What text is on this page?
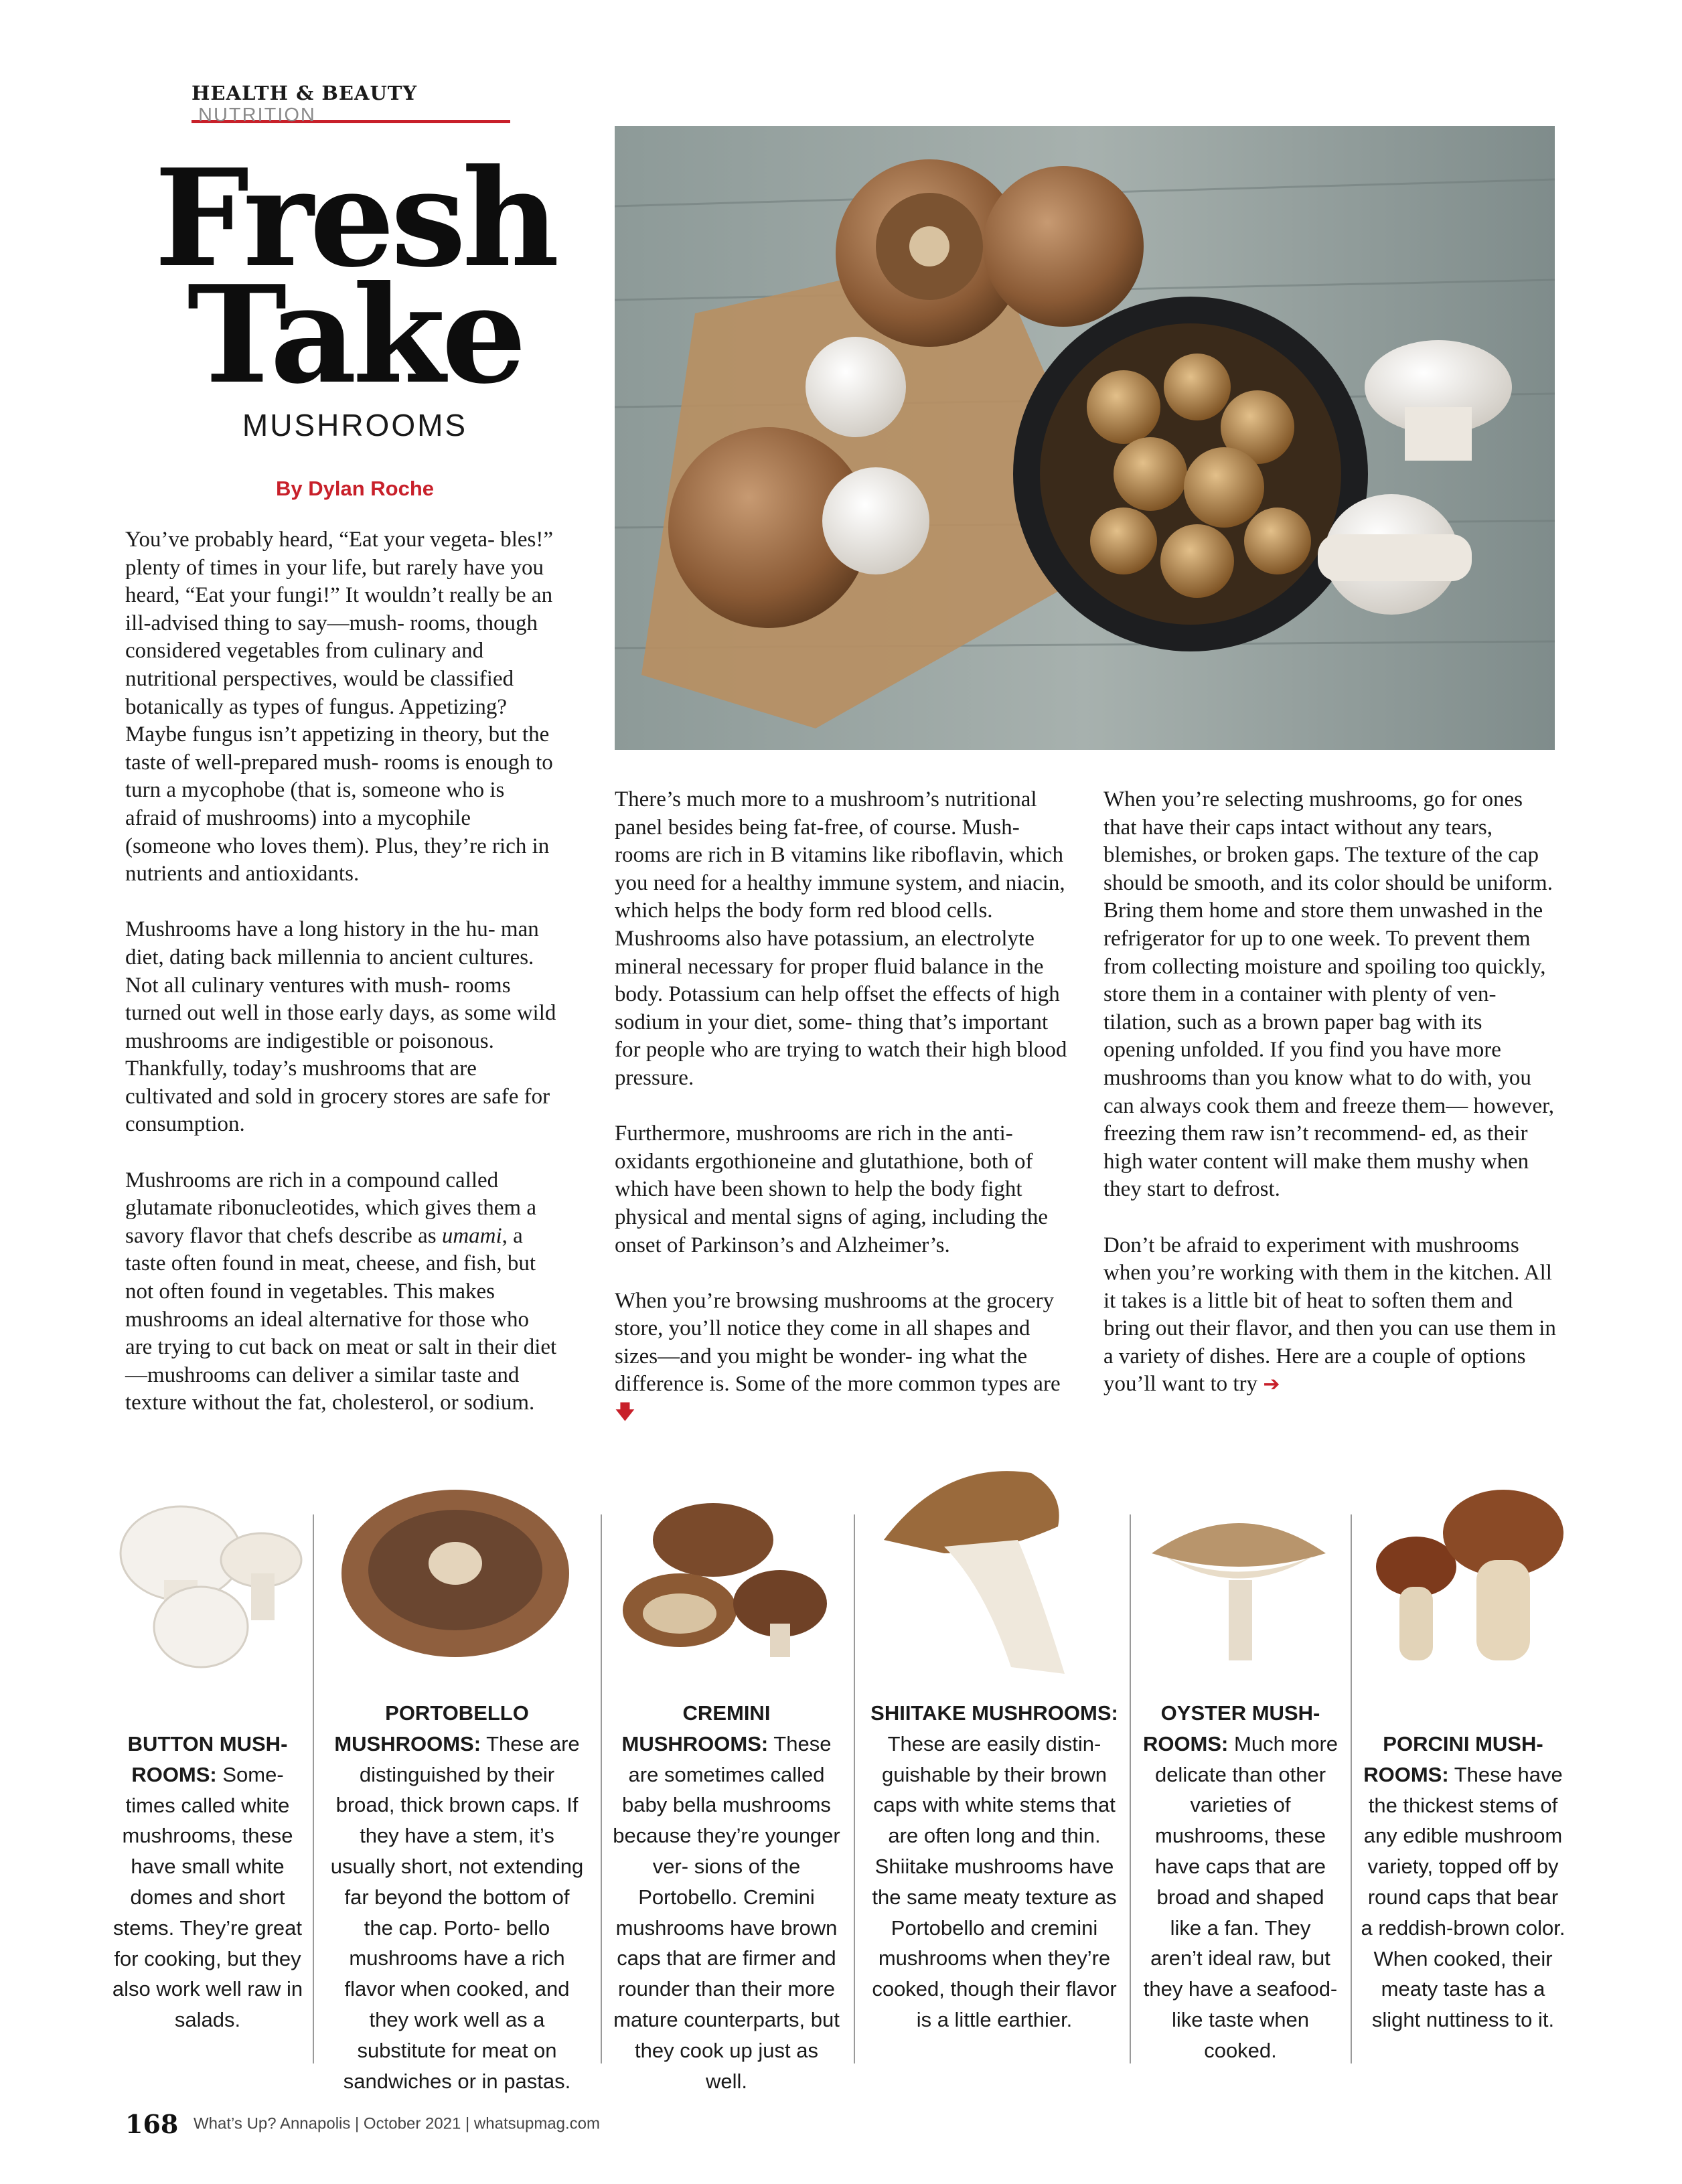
HEALTH & BEAUTY NUTRITION
Fresh
Take
MUSHROOMS
By Dylan Roche

You’ve probably heard, “Eat your vegeta- bles!” plenty of times in your life, but rarely have you heard, “Eat your fungi!” It wouldn’t really be an ill-advised thing to say—mush- rooms, though considered vegetables from culinary and nutritional perspectives, would be classified botanically as types of fungus. Appetizing? Maybe fungus isn’t appetizing in theory, but the taste of well-prepared mush- rooms is enough to turn a mycophobe (that is, someone who is afraid of mushrooms) into a mycophile (someone who loves them). Plus, they’re rich in nutrients and antioxidants.

Mushrooms have a long history in the hu- man diet, dating back millennia to ancient cultures. Not all culinary ventures with mush- rooms turned out well in those early days, as some wild mushrooms are indigestible or poisonous. Thankfully, today’s mushrooms that are cultivated and sold in grocery stores are safe for consumption.

Mushrooms are rich in a compound called glutamate ribonucleotides, which gives them a savory flavor that chefs describe as umami, a taste often found in meat, cheese, and fish, but not often found in vegetables. This makes mushrooms an ideal alternative for those who are trying to cut back on meat or salt in their diet—mushrooms can deliver a similar taste and texture without the fat, cholesterol, or sodium.

There’s much more to a mushroom’s nutritional panel besides being fat-free, of course. Mush- rooms are rich in B vitamins like riboflavin, which you need for a healthy immune system, and niacin, which helps the body form red blood cells. Mushrooms also have potassium, an electrolyte mineral necessary for proper fluid balance in the body. Potassium can help offset the effects of high sodium in your diet, some- thing that’s important for people who are trying to watch their high blood pressure.

Furthermore, mushrooms are rich in the anti- oxidants ergothioneine and glutathione, both of which have been shown to help the body fight physical and mental signs of aging, including the onset of Parkinson’s and Alzheimer’s.

When you’re browsing mushrooms at the grocery store, you’ll notice they come in all shapes and sizes—and you might be wonder- ing what the difference is. Some of the more common types are 🡇

When you’re selecting mushrooms, go for ones that have their caps intact without any tears, blemishes, or broken gaps. The texture of the cap should be smooth, and its color should be uniform. Bring them home and store them unwashed in the refrigerator for up to one week. To prevent them from collecting moisture and spoiling too quickly, store them in a container with plenty of ven- tilation, such as a brown paper bag with its opening unfolded. If you find you have more mushrooms than you know what to do with, you can always cook them and freeze them— however, freezing them raw isn’t recommend- ed, as their high water content will make them mushy when they start to defrost.

Don’t be afraid to experiment with mushrooms when you’re working with them in the kitchen. All it takes is a little bit of heat to soften them and bring out their flavor, and then you can use them in a variety of dishes. Here are a couple of options you’ll want to try ➔

BUTTON MUSH- ROOMS: Some- times called white mushrooms, these have small white domes and short stems. They’re great for cooking, but they also work well raw in salads.
PORTOBELLO MUSHROOMS: These are distinguished by their broad, thick brown caps. If they have a stem, it’s usually short, not extending far beyond the bottom of the cap. Porto- bello mushrooms have a rich flavor when cooked, and they work well as a substitute for meat on sandwiches or in pastas.
CREMINI MUSHROOMS: These are sometimes called baby bella mushrooms because they’re younger ver- sions of the Portobello. Cremini mushrooms have brown caps that are firmer and rounder than their more mature counterparts, but they cook up just as well.
SHIITAKE MUSHROOMS: These are easily distin- guishable by their brown caps with white stems that are often long and thin. Shiitake mushrooms have the same meaty texture as Portobello and cremini mushrooms when they’re cooked, though their flavor is a little earthier.
OYSTER MUSH- ROOMS: Much more delicate than other varieties of mushrooms, these have caps that are broad and shaped like a fan. They aren’t ideal raw, but they have a seafood-like taste when cooked.
PORCINI MUSH- ROOMS: These have the thickest stems of any edible mushroom variety, topped off by round caps that bear a reddish-brown color. When cooked, their meaty taste has a slight nuttiness to it.
168 What’s Up? Annapolis | October 2021 | whatsupmag.com
